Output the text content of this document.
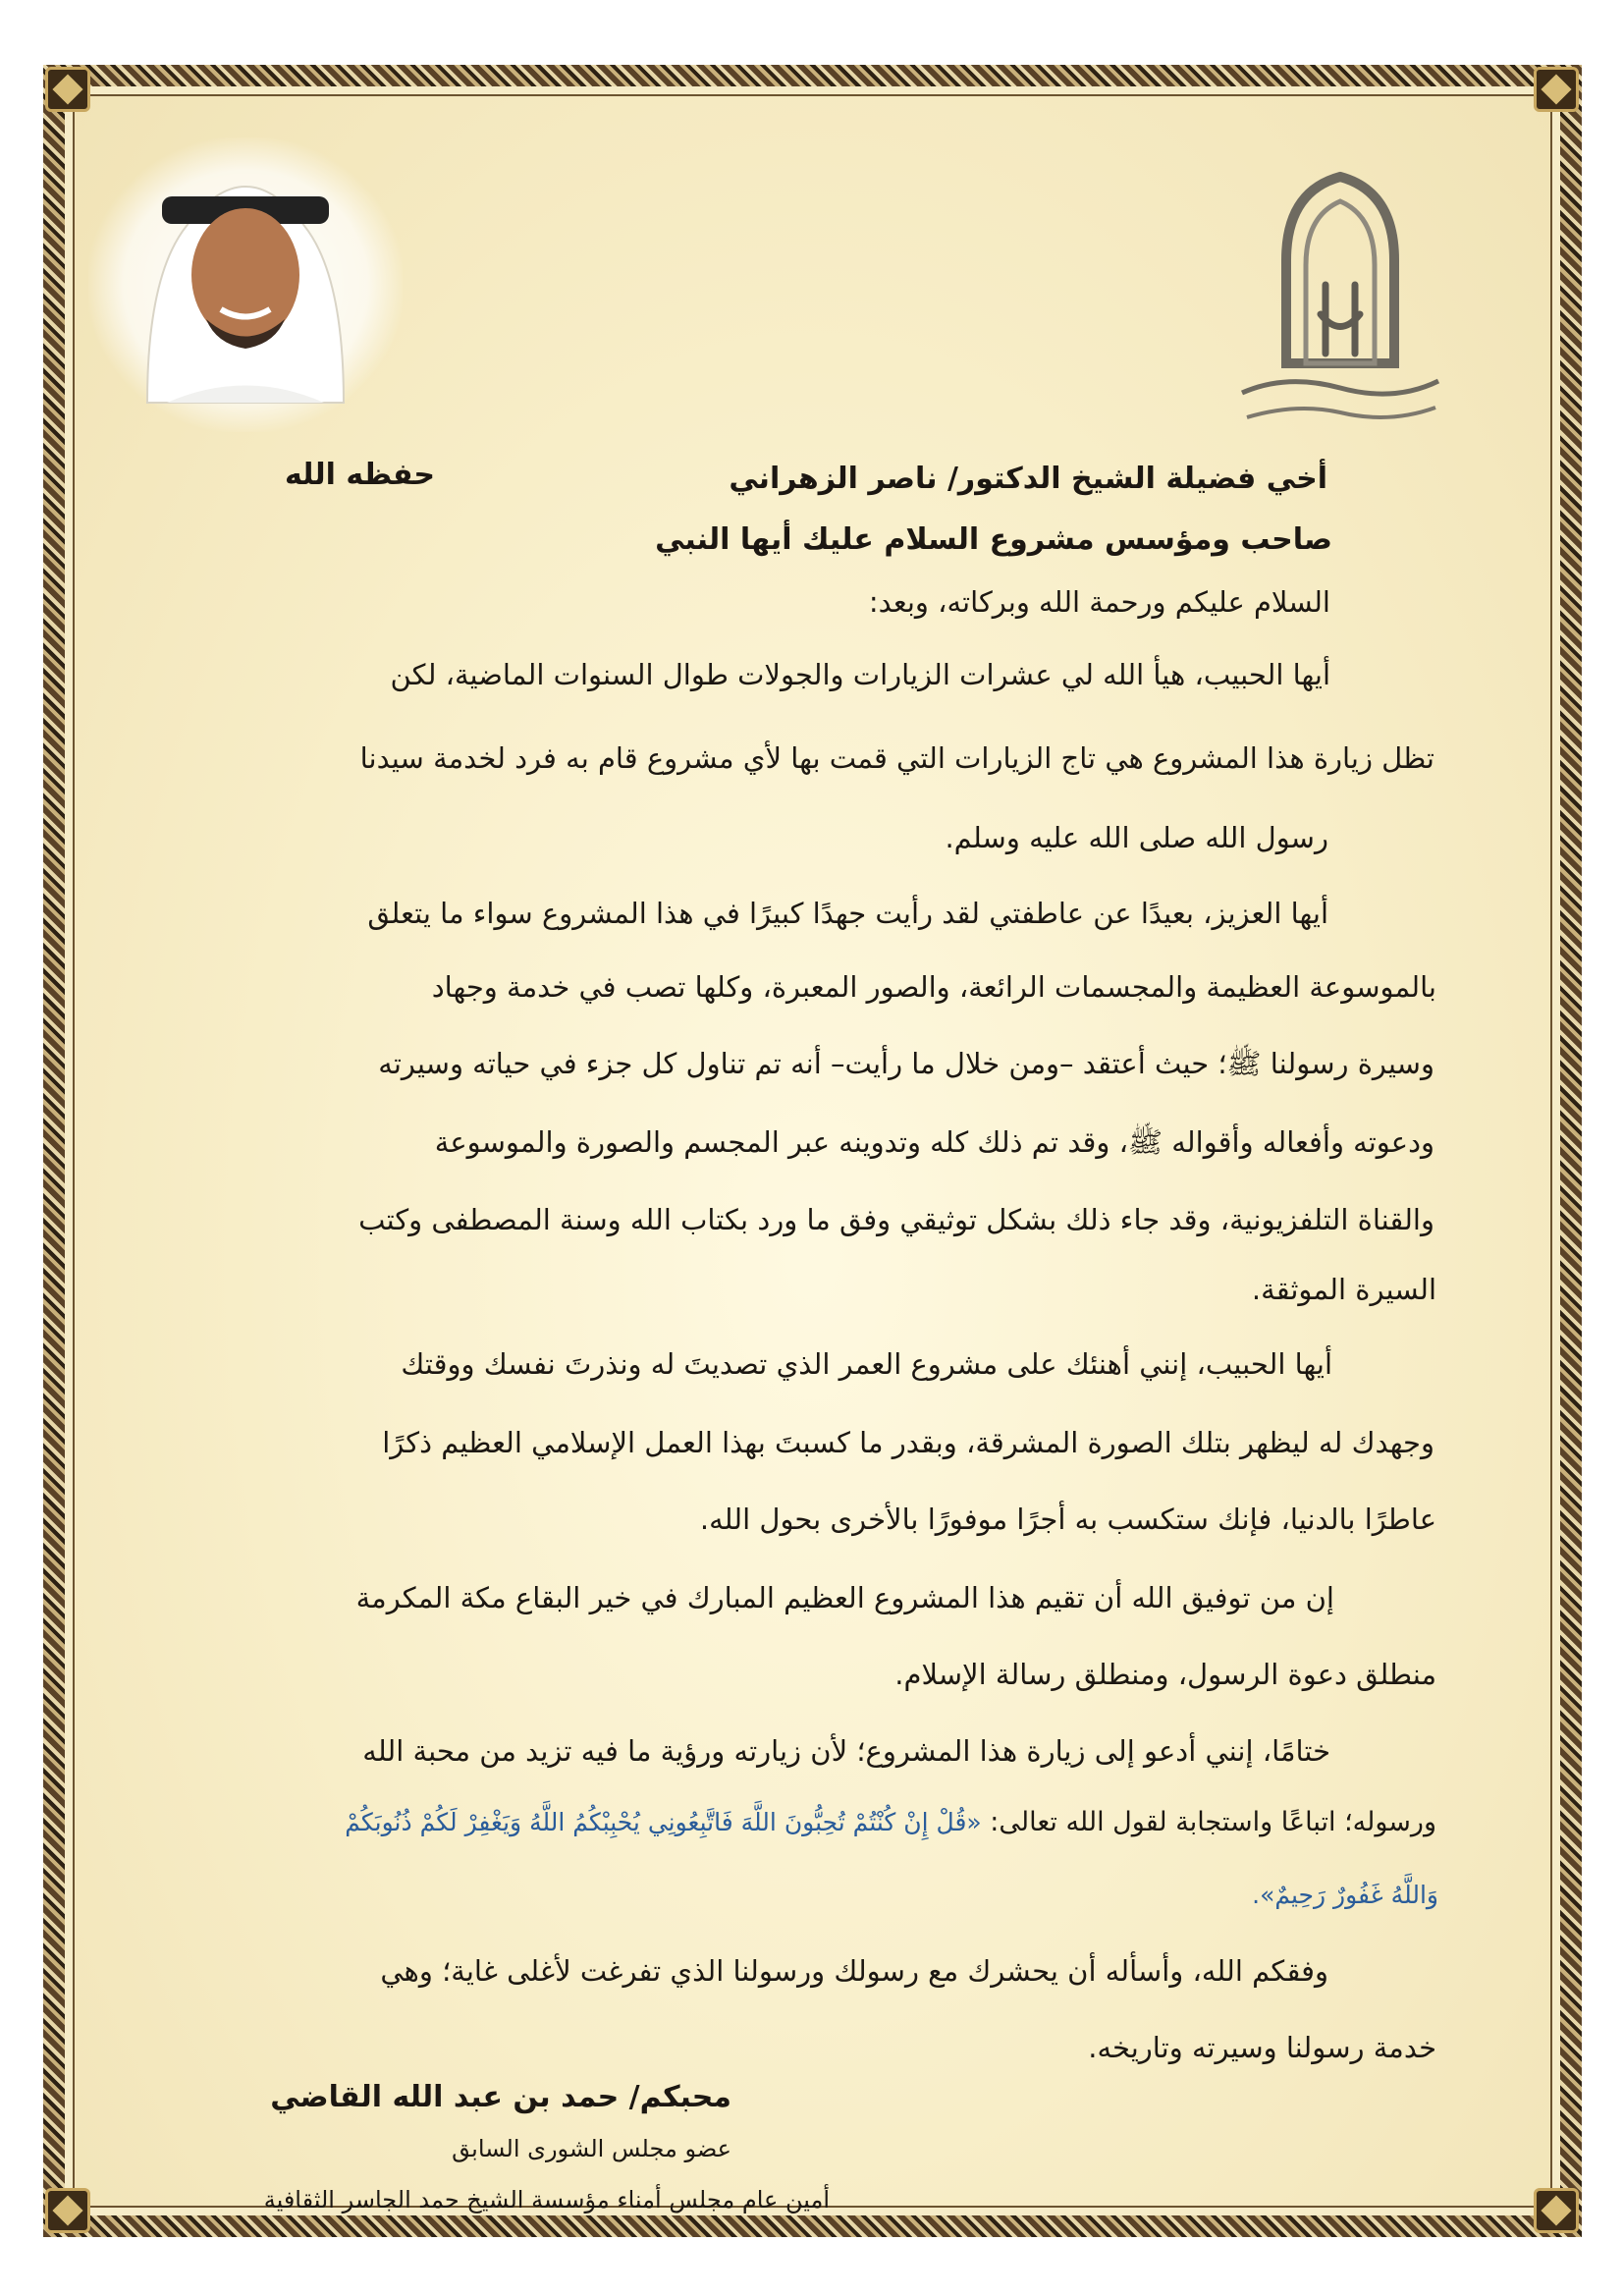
أخي فضيلة الشيخ الدكتور/ ناصر الزهراني
حفظه الله
صاحب ومؤسس مشروع السلام عليك أيها النبي
السلام عليكم ورحمة الله وبركاته، وبعد:
أيها الحبيب، هيأ الله لي عشرات الزيارات والجولات طوال السنوات الماضية، لكن
تظل زيارة هذا المشروع هي تاج الزيارات التي قمت بها لأي مشروع قام به فرد لخدمة سيدنا
رسول الله صلى الله عليه وسلم.
أيها العزيز، بعيدًا عن عاطفتي لقد رأيت جهدًا كبيرًا في هذا المشروع سواء ما يتعلق
بالموسوعة العظيمة والمجسمات الرائعة، والصور المعبرة، وكلها تصب في خدمة وجهاد
وسيرة رسولنا ﷺ؛ حيث أعتقد –ومن خلال ما رأيت– أنه تم تناول كل جزء في حياته وسيرته
ودعوته وأفعاله وأقواله ﷺ، وقد تم ذلك كله وتدوينه عبر المجسم والصورة والموسوعة
والقناة التلفزيونية، وقد جاء ذلك بشكل توثيقي وفق ما ورد بكتاب الله وسنة المصطفى وكتب
السيرة الموثقة.
أيها الحبيب، إنني أهنئك على مشروع العمر الذي تصديتَ له ونذرتَ نفسك ووقتك
وجهدك له ليظهر بتلك الصورة المشرقة، وبقدر ما كسبتَ بهذا العمل الإسلامي العظيم ذكرًا
عاطرًا بالدنيا، فإنك ستكسب به أجرًا موفورًا بالأخرى بحول الله.
إن من توفيق الله أن تقيم هذا المشروع العظيم المبارك في خير البقاع مكة المكرمة
منطلق دعوة الرسول، ومنطلق رسالة الإسلام.
ختامًا، إنني أدعو إلى زيارة هذا المشروع؛ لأن زيارته ورؤية ما فيه تزيد من محبة الله
ورسوله؛ اتباعًا واستجابة لقول الله تعالى: «قُلْ إِنْ كُنْتُمْ تُحِبُّونَ اللَّهَ فَاتَّبِعُونِي يُحْبِبْكُمُ اللَّهُ وَيَغْفِرْ لَكُمْ ذُنُوبَكُمْ
وَاللَّهُ غَفُورٌ رَحِيمٌ».
وفقكم الله، وأسأله أن يحشرك مع رسولك ورسولنا الذي تفرغت لأغلى غاية؛ وهي
خدمة رسولنا وسيرته وتاريخه.
محبكم/ حمد بن عبد الله القاضي
عضو مجلس الشورى السابق
أمين عام مجلس أمناء مؤسسة الشيخ حمد الجاسر الثقافية
